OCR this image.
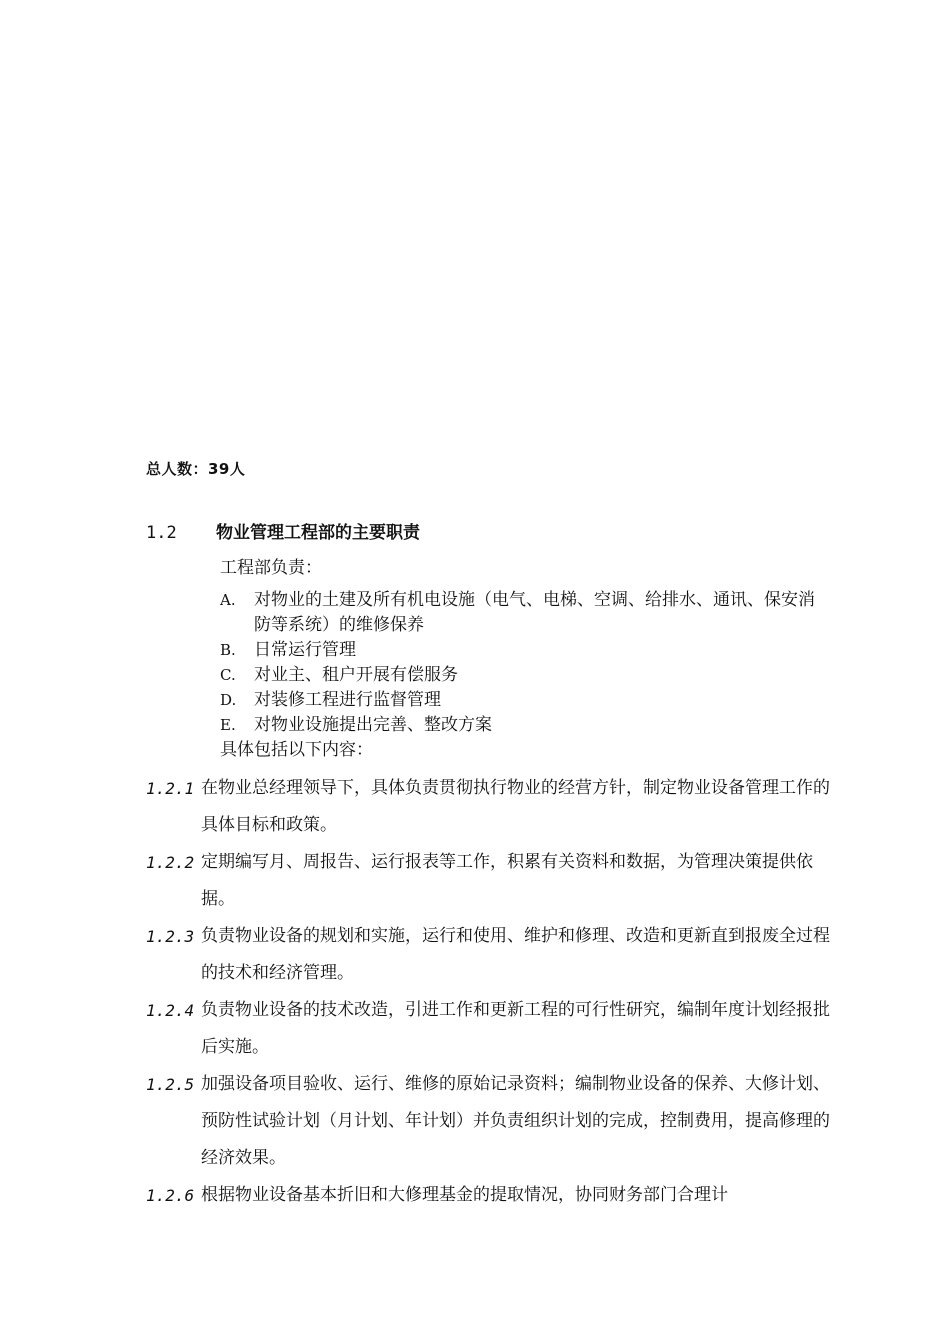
总人数：39人
1.2 物业管理工程部的主要职责
工程部负责：
A. 对物业的土建及所有机电设施（电气、电梯、空调、给排水、通讯、保安消防等系统）的维修保养
B. 日常运行管理
C. 对业主、租户开展有偿服务
D. 对装修工程进行监督管理
E. 对物业设施提出完善、整改方案
具体包括以下内容：
1.2.1 在物业总经理领导下，具体负责贯彻执行物业的经营方针，制定物业设备管理工作的具体目标和政策。
1.2.2 定期编写月、周报告、运行报表等工作，积累有关资料和数据，为管理决策提供依据。
1.2.3 负责物业设备的规划和实施，运行和使用、维护和修理、改造和更新直到报废全过程的技术和经济管理。
1.2.4 负责物业设备的技术改造，引进工作和更新工程的可行性研究，编制年度计划经报批后实施。
1.2.5 加强设备项目验收、运行、维修的原始记录资料；编制物业设备的保养、大修计划、预防性试验计划（月计划、年计划）并负责组织计划的完成，控制费用，提高修理的经济效果。
1.2.6 根据物业设备基本折旧和大修理基金的提取情况，协同财务部门合理计
